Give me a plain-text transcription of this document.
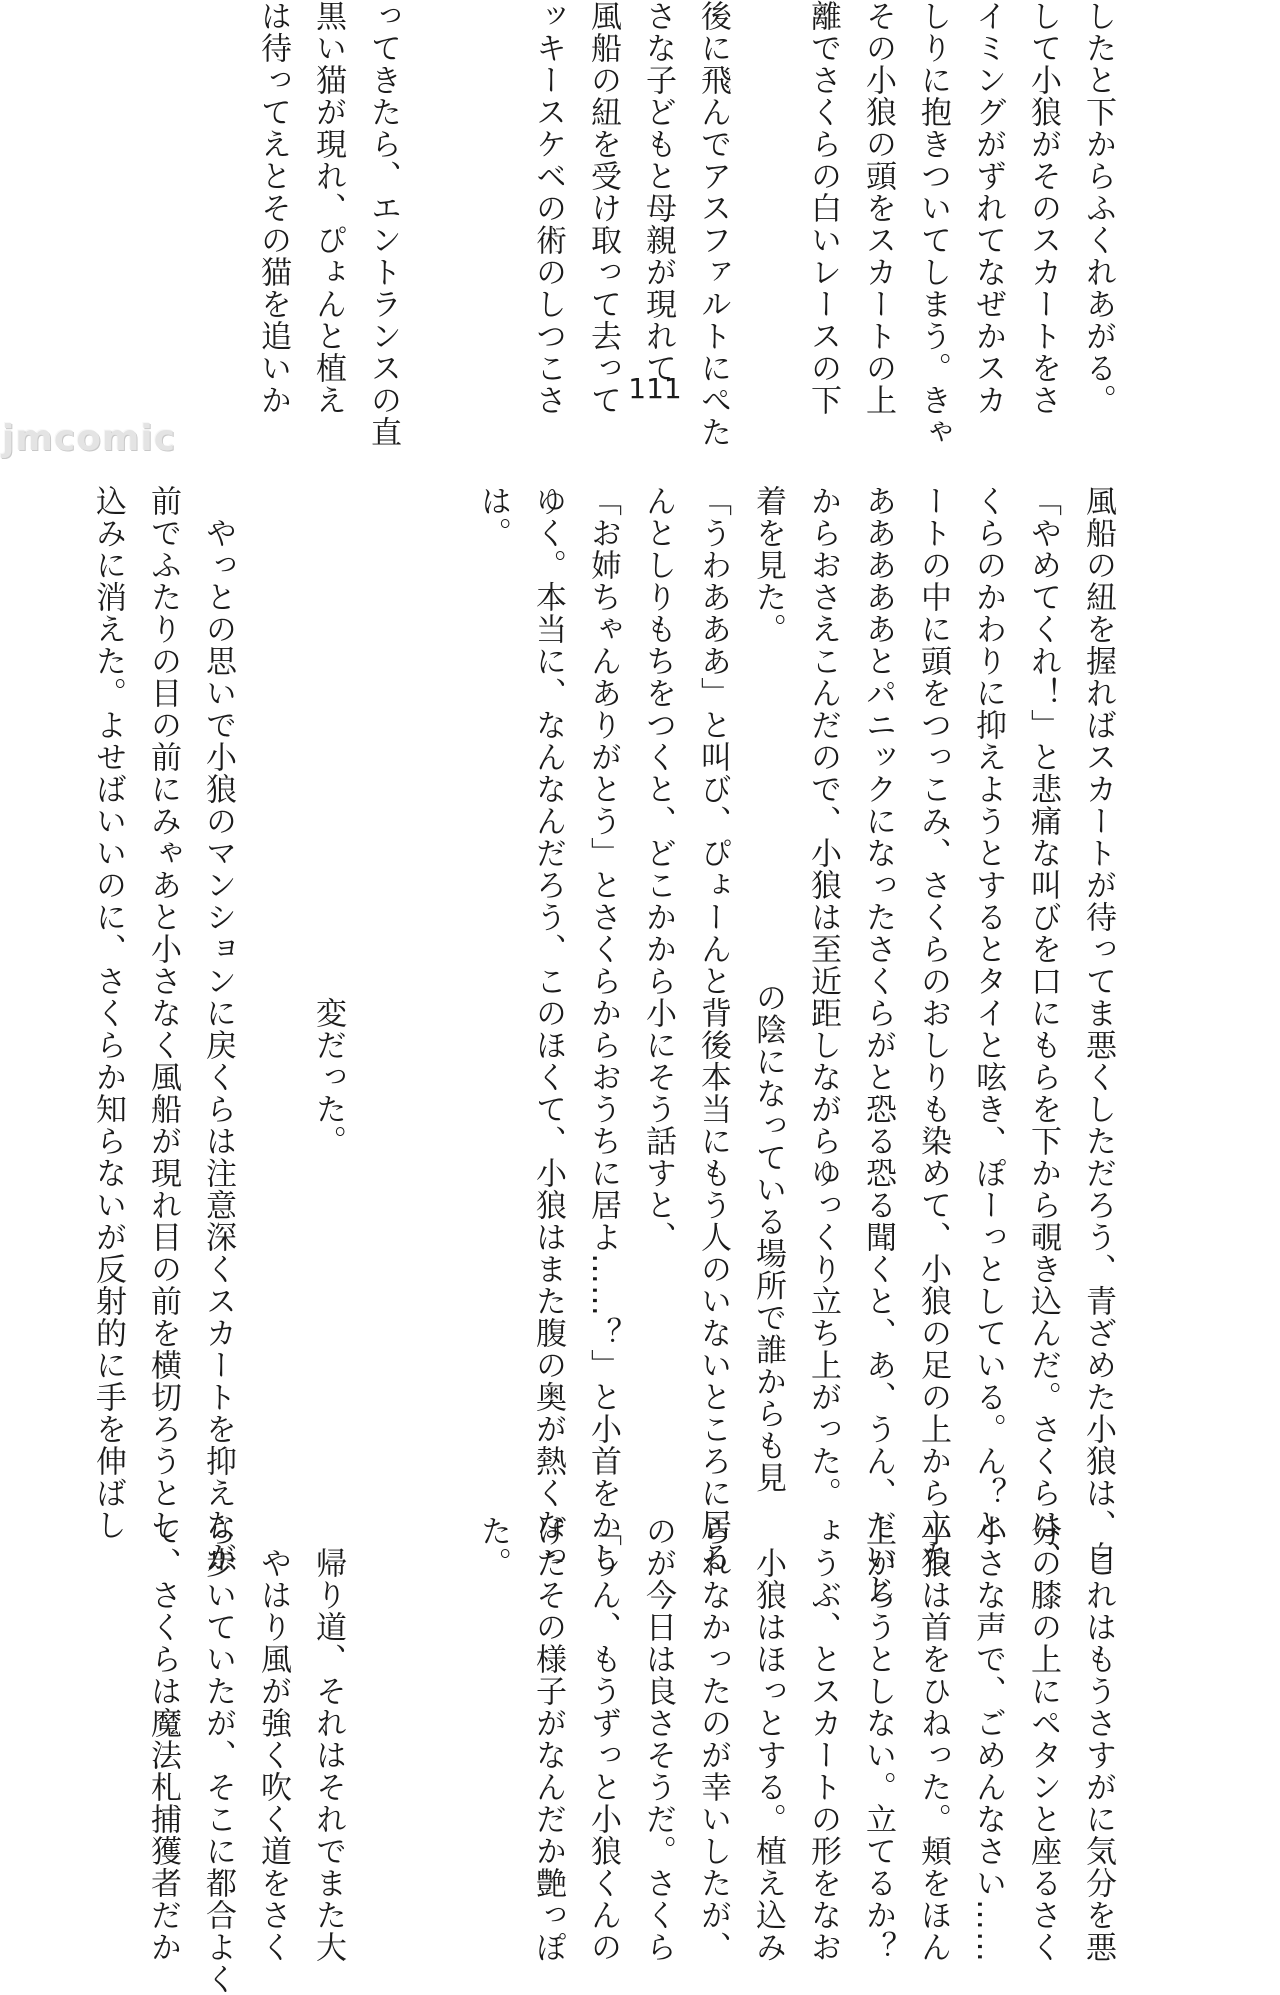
したと下からふくれあがる。
して小狼がそのスカートをさ
イミングがずれてなぜかスカ
しりに抱きついてしまう。きゃ
その小狼の頭をスカートの上
離でさくらの白いレースの下

後に飛んでアスファルトにぺた
さな子どもと母親が現れて
風船の紐を受け取って去って
ッキースケベの術のしつこさ

ってきたら、エントランスの直
黒い猫が現れ、ぴょんと植え
は待ってえとその猫を追いか	111
jmcomic
風船の紐を握ればスカートが待ってま悪くしただろう、青ざめた小狼は、自
「やめてくれ！」と悲痛な叫びを口にもらを下から覗き込んだ。さくらは、
くらのかわりに抑えようとするとタイと呟き、ぽーっとしている。ん？と
ートの中に頭をつっこみ、さくらのおしりも染めて、小狼の足の上から立ち
あああああとパニックになったさくらがと恐る恐る聞くと、あ、うん、だいじ
からおさえこんだので、小狼は至近距しながらゆっくり立ち上がった。
着を見た。　　　　　　　　　　　の陰になっている場所で誰からも見
「うわあああ」と叫び、ぴょーんと背後本当にもう人のいないところに居る
んとしりもちをつくと、どこかから小にそう話すと、
「お姉ちゃんありがとう」とさくらからおうちに居よ……？」と小首をかし
ゆく。本当に、なんなんだろう、このほくて、小狼はまた腹の奥が熱くなっ
は。

　　　　　　　　　　　　　　　　変だった。

　やっとの思いで小狼のマンションに戻くらは注意深くスカートを抑えなが
前でふたりの目の前にみゃあと小さなく風船が現れ目の前を横切ろうとし
込みに消えた。よせばいいのに、さくらか知らないが反射的に手を伸ばし
　これはもうさすがに気分を悪
分の膝の上にペタンと座るさく
小さな声で、ごめんなさい……
小狼は首をひねった。頬をほん
上がろうとしない。立てるか？
ょうぶ、とスカートの形をなお
　小狼はほっとする。植え込み
られなかったのが幸いしたが、
のが今日は良さそうだ。さくら
「うん、もうずっと小狼くんの
げたその様子がなんだか艶っぽ
た。

　帰り道、それはそれでまた大
　やはり風が強く吹く道をさく
ら歩いていたが、そこに都合よく
て、さくらは魔法札捕獲者だか
